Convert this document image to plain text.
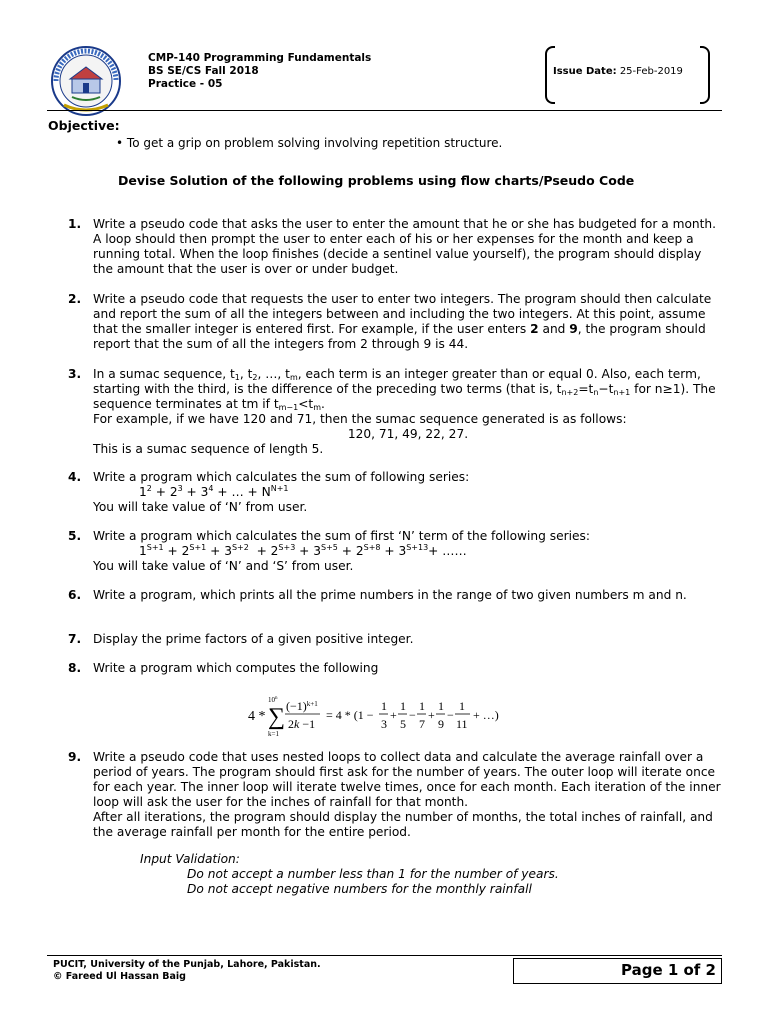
CMP-140 Programming Fundamentals
BS SE/CS Fall 2018
Practice - 05
Issue Date: 25-Feb-2019
Objective:
• To get a grip on problem solving involving repetition structure.
Devise Solution of the following problems using flow charts/Pseudo Code
1. Write a pseudo code that asks the user to enter the amount that he or she has budgeted for a month. A loop should then prompt the user to enter each of his or her expenses for the month and keep a running total. When the loop finishes (decide a sentinel value yourself), the program should display the amount that the user is over or under budget.
2. Write a pseudo code that requests the user to enter two integers. The program should then calculate and report the sum of all the integers between and including the two integers. At this point, assume that the smaller integer is entered first. For example, if the user enters 2 and 9, the program should report that the sum of all the integers from 2 through 9 is 44.
3. In a sumac sequence, $t_1$, $t_2$, …, $t_m$, each term is an integer greater than or equal 0. Also, each term, starting with the third, is the difference of the preceding two terms (that is, $t_{n+2}=t_n-t_{n+1}$ for n≥1). The sequence terminates at tm if $t_{m-1}<t_m$.

For example, if we have 120 and 71, then the sumac sequence generated is as follows:

120, 71, 49, 22, 27.

This is a sumac sequence of length 5.

4. Write a program which calculates the sum of following series:

$1^2 + 2^3 + 3^4$ + … + $N^{N+1}$

You will take value of ‘N’ from user.

5. Write a program which calculates the sum of first ‘N’ term of the following series:

$1^{S+1} + 2^{S+1} + 3^{S+2} + 2^{S+3} + 3^{S+5} + 2^{S+8} + 3^{S+13}+$ ……

You will take value of ‘N’ and ‘S’ from user.

6. Write a program, which prints all the prime numbers in the range of two given numbers m and n.
7. Display the prime factors of a given positive integer.
8. Write a program which computes the following
4 * ∑
10$^n$
k=1
$(-1)^{k+1}$
2k −1
= 4 * (1 −
1
3
+
1
5
−
1
7
+
1
9
−
1
11
+ …)
9. Write a pseudo code that uses nested loops to collect data and calculate the average rainfall over a period of years. The program should first ask for the number of years. The outer loop will iterate once for each year. The inner loop will iterate twelve times, once for each month. Each iteration of the inner loop will ask the user for the inches of rainfall for that month.

After all iterations, the program should display the number of months, the total inches of rainfall, and the average rainfall per month for the entire period.

Input Validation:
Do not accept a number less than 1 for the number of years.
Do not accept negative numbers for the monthly rainfall
PUCIT, University of the Punjab, Lahore, Pakistan.
© Fareed Ul Hassan Baig	Page 1 of 2
